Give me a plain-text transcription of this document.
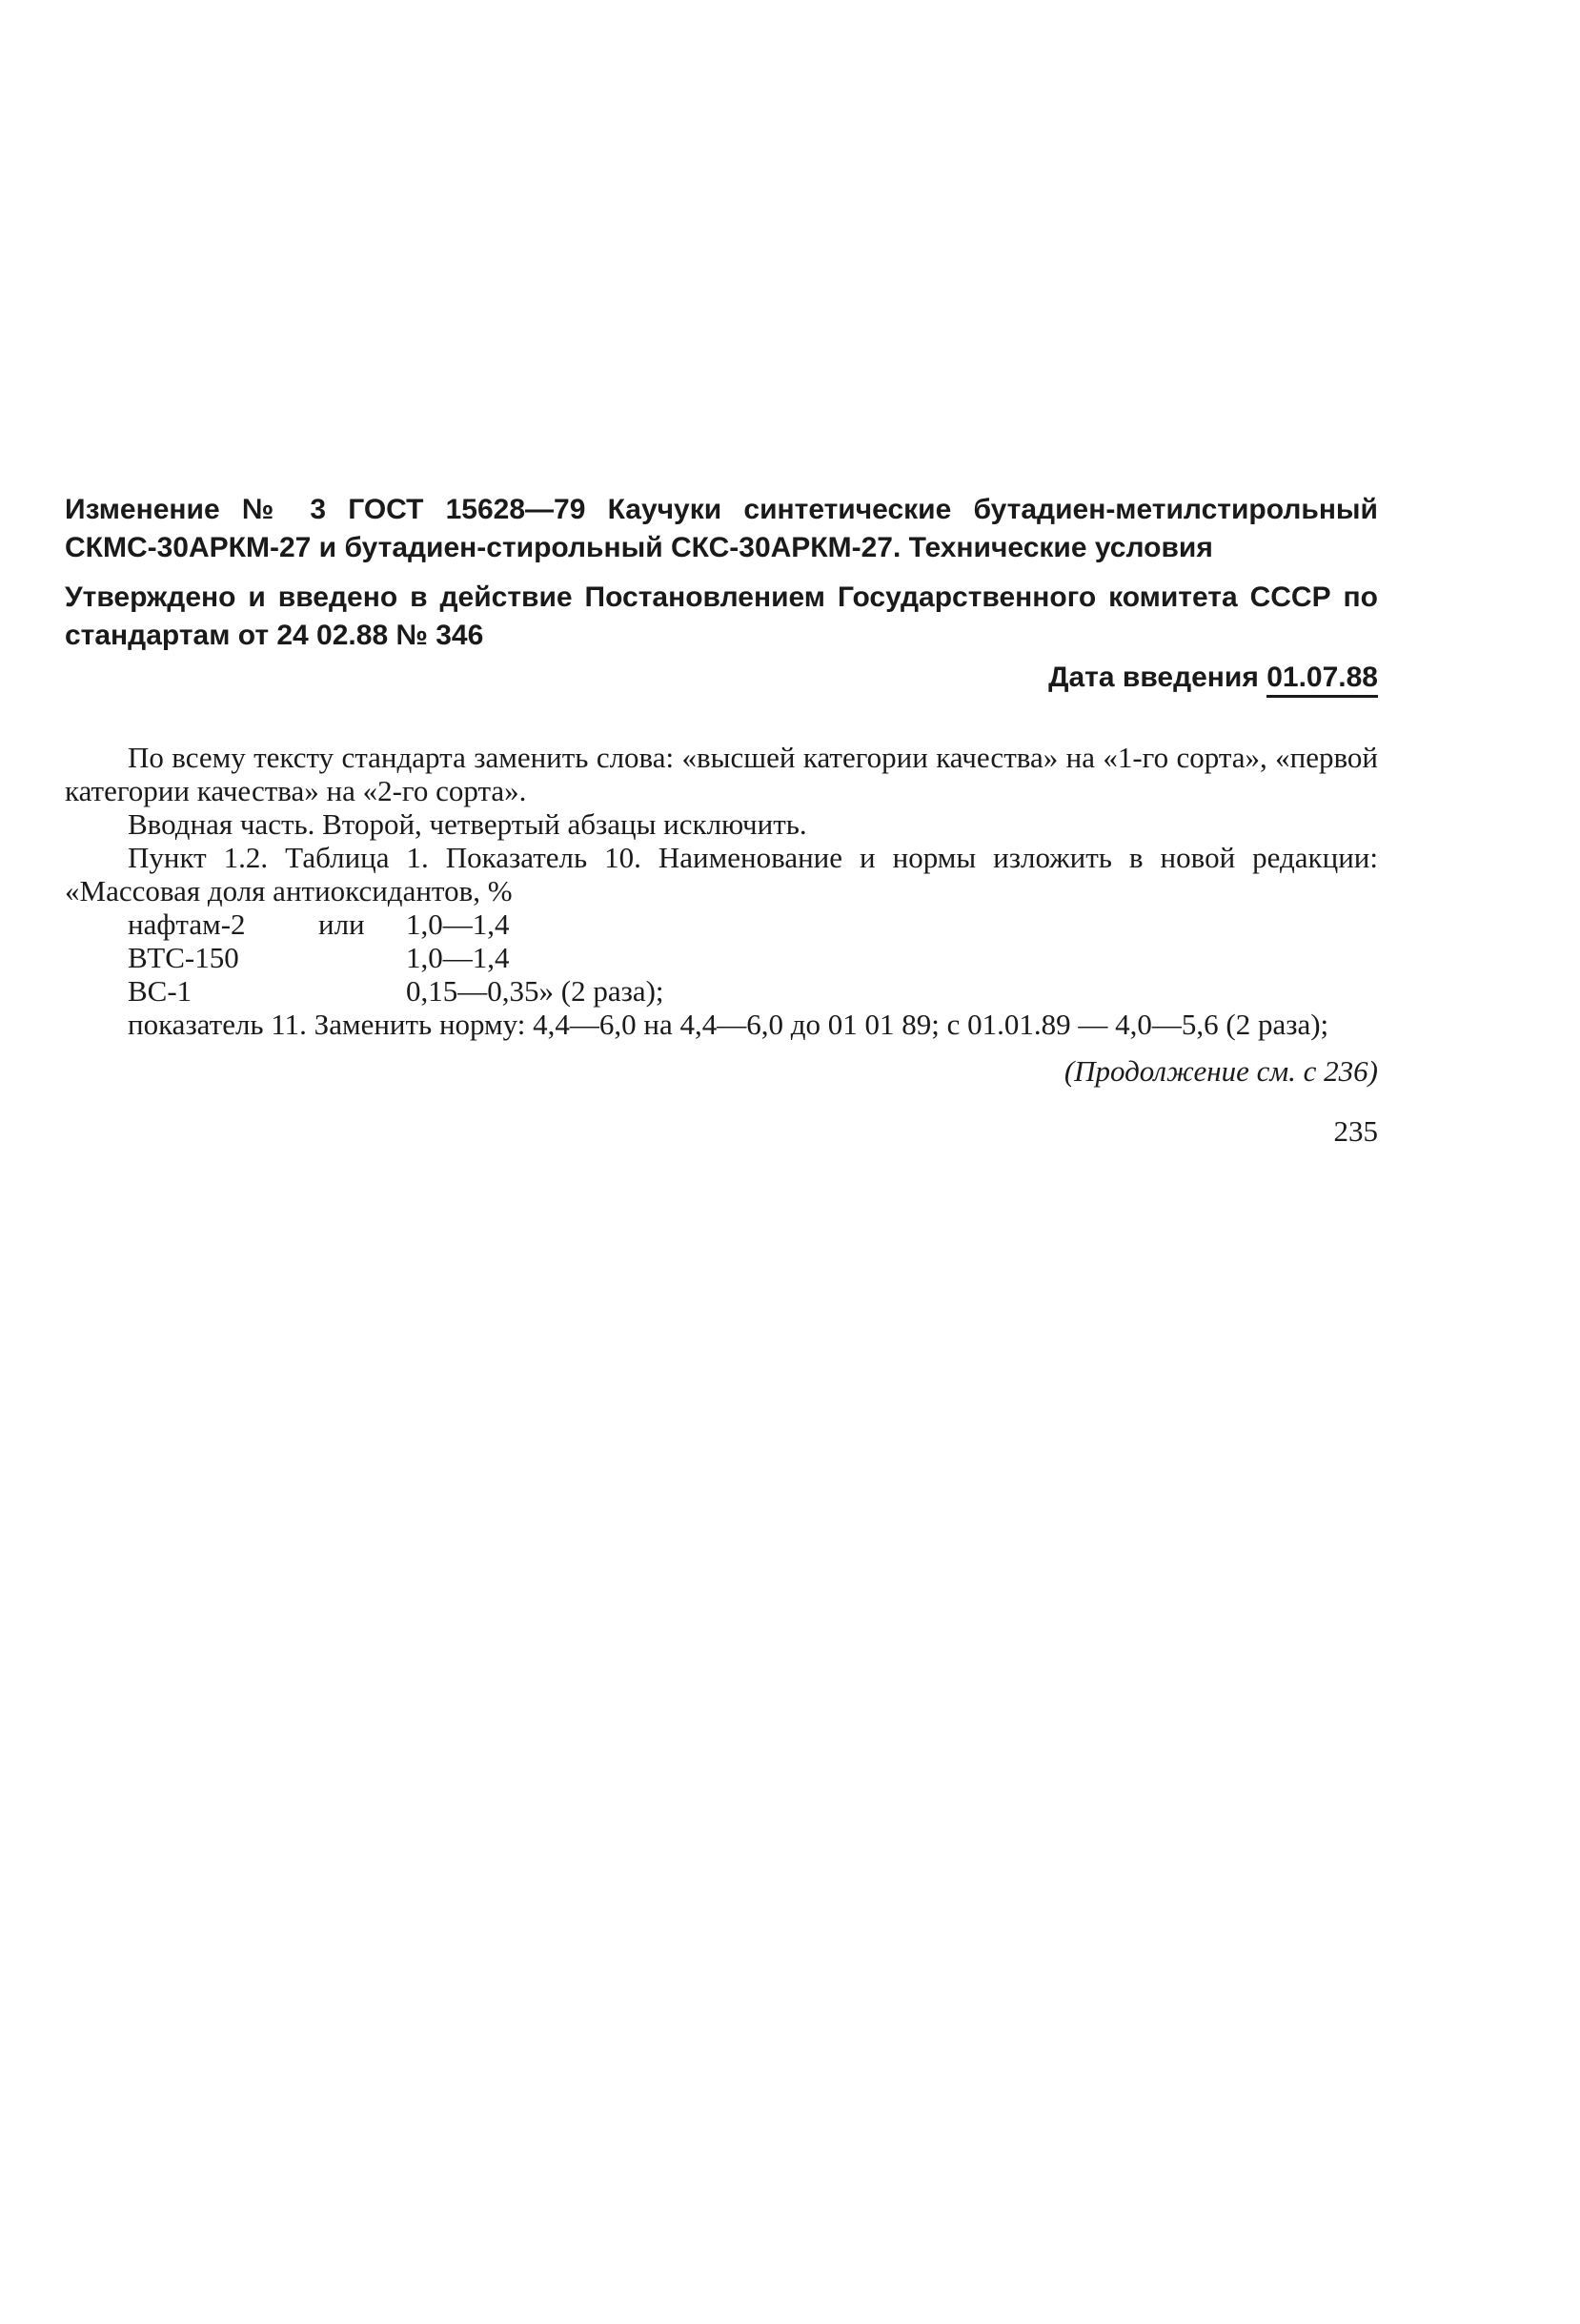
Изменение № 3 ГОСТ 15628—79 Каучуки синтетические бутадиен-метилстирольный СКМС-30АРКМ-27 и бутадиен-стирольный СКС-30АРКМ-27. Технические условия

Утверждено и введено в действие Постановлением Государственного комитета СССР по стандартам от 24 02.88 № 346

Дата введения 01.07.88

По всему тексту стандарта заменить слова: «высшей категории качества» на «1-го сорта», «первой категории качества» на «2-го сорта».

Вводная часть. Второй, четвертый абзацы исключить.

Пункт 1.2. Таблица 1. Показатель 10. Наименование и нормы изложить в новой редакции: «Массовая доля антиоксидантов, %

нафтам-2	или	1,0—1,4
ВТС-150	1,0—1,4
ВС-1	0,15—0,35» (2 раза);

показатель 11. Заменить норму: 4,4—6,0 на 4,4—6,0 до 01 01 89; с 01.01.89 — 4,0—5,6 (2 раза);

(Продолжение см. с 236)

235
